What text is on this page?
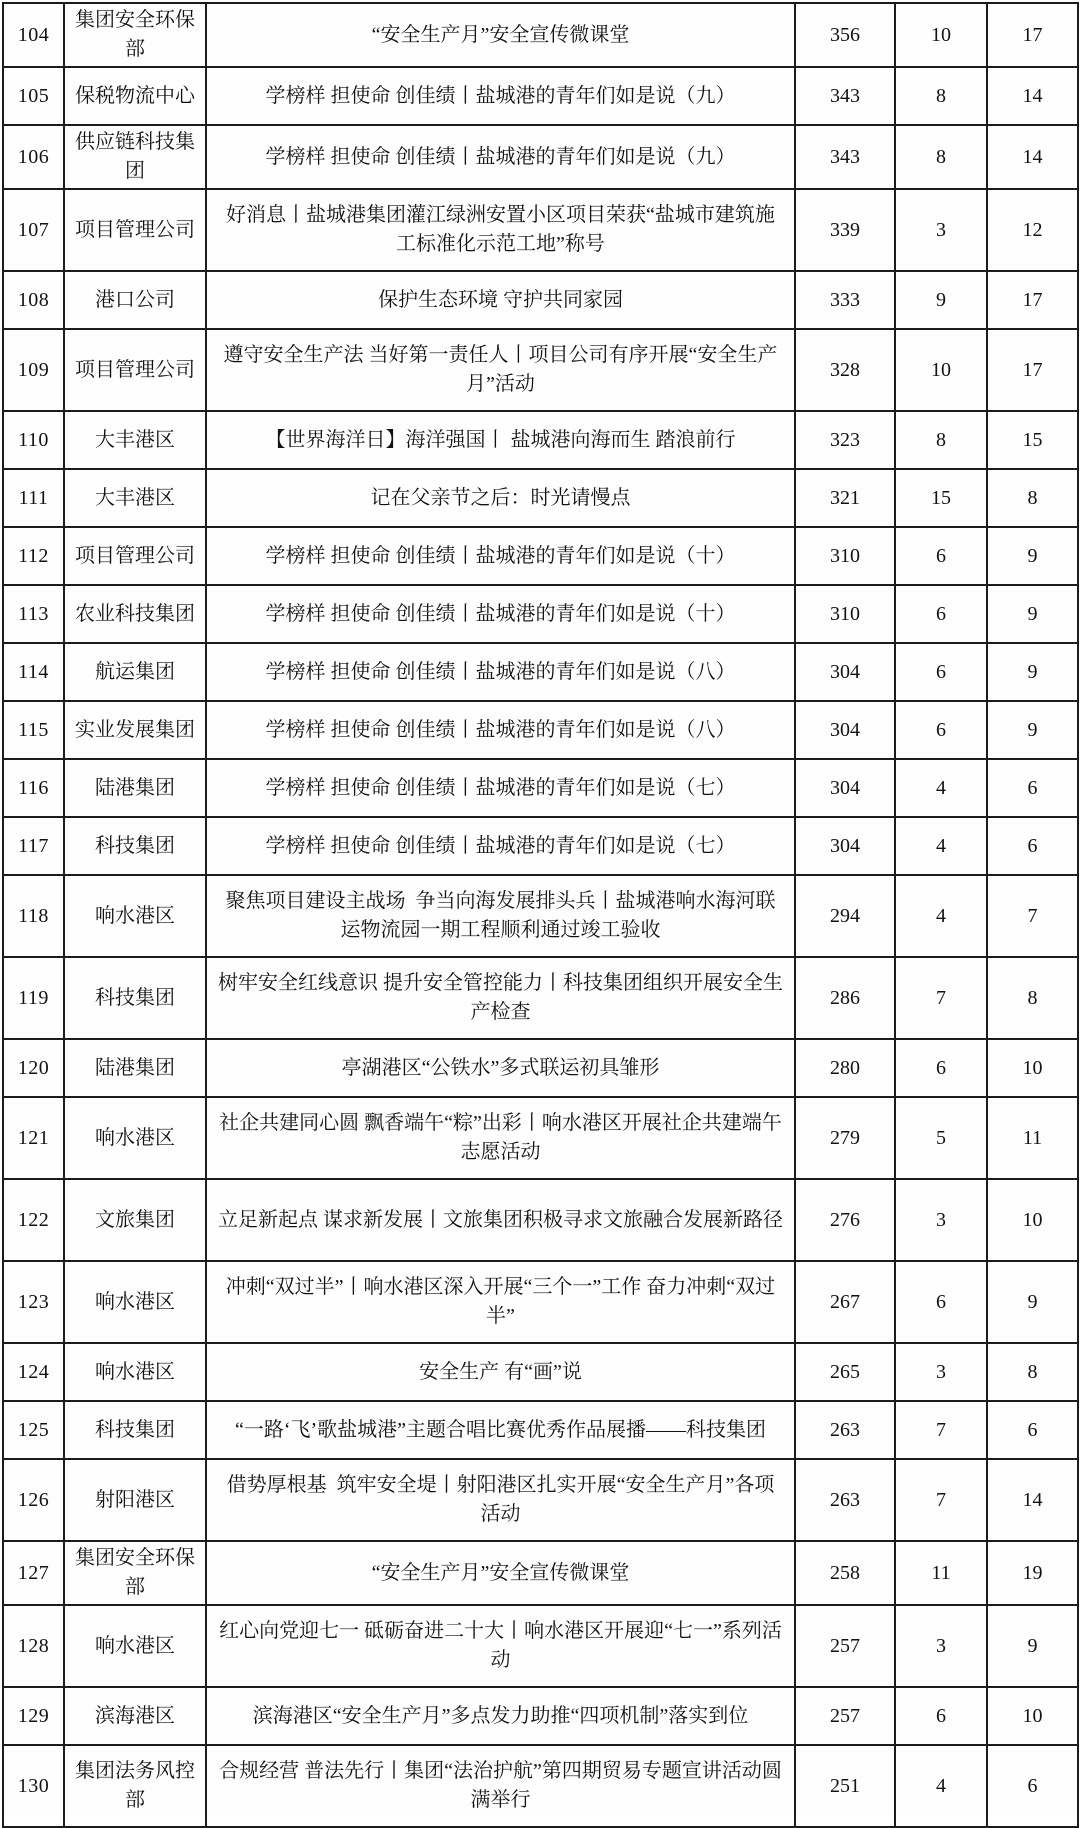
104	集团安全环保部	“安全生产月”安全宣传微课堂	356	10	17
105	保税物流中心	学榜样 担使命 创佳绩丨盐城港的青年们如是说（九）	343	8	14
106	供应链科技集团	学榜样 担使命 创佳绩丨盐城港的青年们如是说（九）	343	8	14
107	项目管理公司	好消息丨盐城港集团灌江绿洲安置小区项目荣获“盐城市建筑施工标准化示范工地”称号	339	3	12
108	港口公司	保护生态环境 守护共同家园	333	9	17
109	项目管理公司	遵守安全生产法 当好第一责任人丨项目公司有序开展“安全生产月”活动	328	10	17
110	大丰港区	【世界海洋日】海洋强国丨 盐城港向海而生 踏浪前行	323	8	15
111	大丰港区	记在父亲节之后：时光请慢点	321	15	8
112	项目管理公司	学榜样 担使命 创佳绩丨盐城港的青年们如是说（十）	310	6	9
113	农业科技集团	学榜样 担使命 创佳绩丨盐城港的青年们如是说（十）	310	6	9
114	航运集团	学榜样 担使命 创佳绩丨盐城港的青年们如是说（八）	304	6	9
115	实业发展集团	学榜样 担使命 创佳绩丨盐城港的青年们如是说（八）	304	6	9
116	陆港集团	学榜样 担使命 创佳绩丨盐城港的青年们如是说（七）	304	4	6
117	科技集团	学榜样 担使命 创佳绩丨盐城港的青年们如是说（七）	304	4	6
118	响水港区	聚焦项目建设主战场  争当向海发展排头兵丨盐城港响水海河联运物流园一期工程顺利通过竣工验收	294	4	7
119	科技集团	树牢安全红线意识 提升安全管控能力丨科技集团组织开展安全生产检查	286	7	8
120	陆港集团	亭湖港区“公铁水”多式联运初具雏形	280	6	10
121	响水港区	社企共建同心圆 飘香端午“粽”出彩丨响水港区开展社企共建端午志愿活动	279	5	11
122	文旅集团	立足新起点 谋求新发展丨文旅集团积极寻求文旅融合发展新路径	276	3	10
123	响水港区	冲刺“双过半”丨响水港区深入开展“三个一”工作 奋力冲刺“双过半”	267	6	9
124	响水港区	安全生产 有“画”说	265	3	8
125	科技集团	“一路‘飞’歌盐城港”主题合唱比赛优秀作品展播——科技集团	263	7	6
126	射阳港区	借势厚根基  筑牢安全堤丨射阳港区扎实开展“安全生产月”各项活动	263	7	14
127	集团安全环保部	“安全生产月”安全宣传微课堂	258	11	19
128	响水港区	红心向党迎七一 砥砺奋进二十大丨响水港区开展迎“七一”系列活动	257	3	9
129	滨海港区	滨海港区“安全生产月”多点发力助推“四项机制”落实到位	257	6	10
130	集团法务风控部	合规经营 普法先行丨集团“法治护航”第四期贸易专题宣讲活动圆满举行	251	4	6
